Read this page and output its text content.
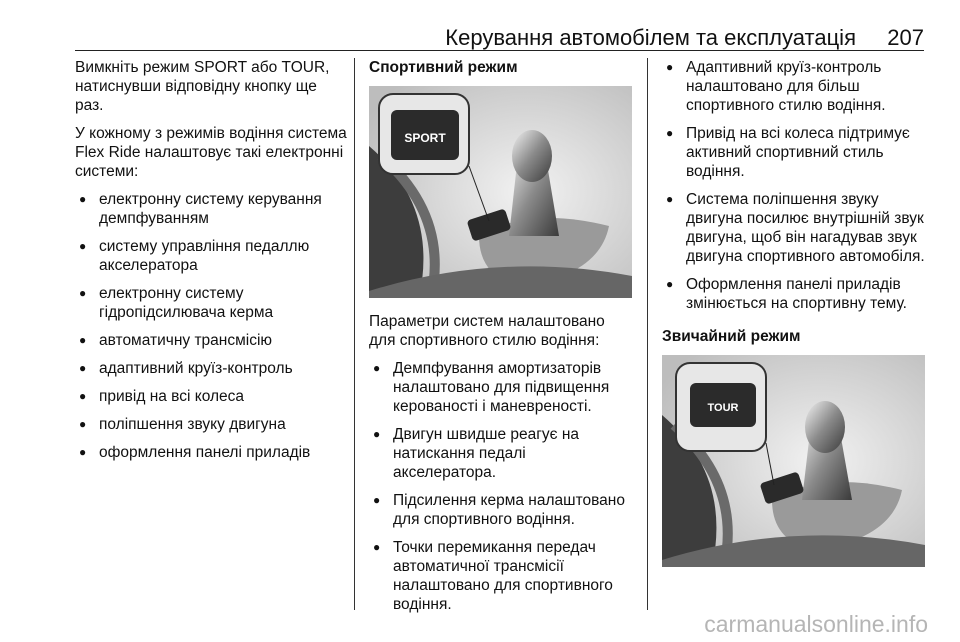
Керування автомобілем та експлуатація 207

Вимкніть режим SPORT або TOUR, натиснувши відповідну кнопку ще раз.

У кожному з режимів водіння система Flex Ride налаштовує такі електронні системи:

● електронну систему керування демпфуванням
● систему управління педаллю акселератора
● електронну систему гідропідсилювача керма
● автоматичну трансмісію
● адаптивний круїз-контроль
● привід на всі колеса
● поліпшення звуку двигуна
● оформлення панелі приладів
Спортивний режим
SPORT

Параметри систем налаштовано для спортивного стилю водіння:

● Демпфування амортизаторів налаштовано для підвищення керованості і маневреності.
● Двигун швидше реагує на натискання педалі акселератора.
● Підсилення керма налаштовано для спортивного водіння.
● Точки перемикання передач автоматичної трансмісії налаштовано для спортивного водіння.
● Адаптивний круїз-контроль налаштовано для більш спортивного стилю водіння.
● Привід на всі колеса підтримує активний спортивний стиль водіння.
● Система поліпшення звуку двигуна посилює внутрішній звук двигуна, щоб він нагадував звук двигуна спортивного автомобіля.
● Оформлення панелі приладів змінюється на спортивну тему.
Звичайний режим
TOUR
carmanualsonline.info
